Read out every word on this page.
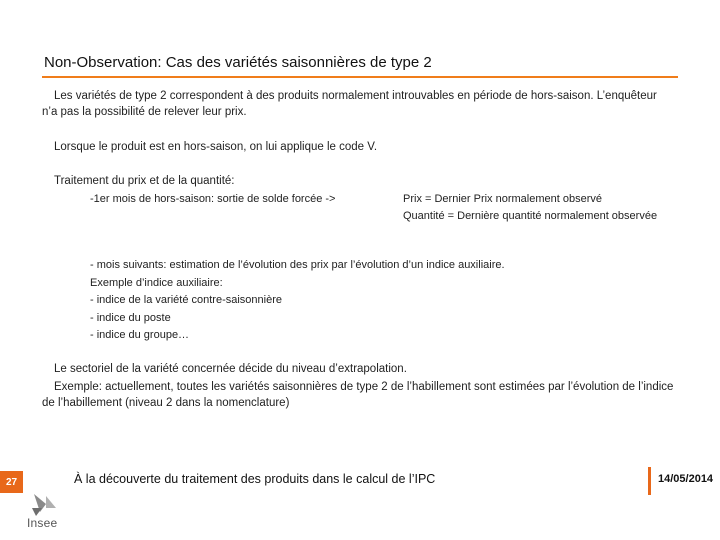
Non-Observation: Cas des variétés saisonnières de type 2
Les variétés de type 2 correspondent à des produits normalement introuvables en période de hors-saison. L’enquêteur n’a pas la possibilité de relever leur prix.
Lorsque le produit est en hors-saison, on lui applique le code V.
Traitement du prix et de la quantité:
-1er mois de hors-saison: sortie de solde forcée ->	Prix = Dernier Prix normalement observé
Quantité = Dernière quantité normalement observée
- mois suivants: estimation de l’évolution des prix par l’évolution d’un indice auxiliaire.
Exemple d’indice auxiliaire:
- indice de la variété contre-saisonnière
- indice du poste
- indice du groupe…
Le sectoriel de la variété concernée décide du niveau d’extrapolation.
Exemple: actuellement, toutes les variétés saisonnières de type 2 de l’habillement sont estimées par l’évolution de l’indice de l’habillement (niveau 2 dans la nomenclature)
27
Insee
À la découverte du traitement des produits dans le calcul de l’IPC	14/05/2014
